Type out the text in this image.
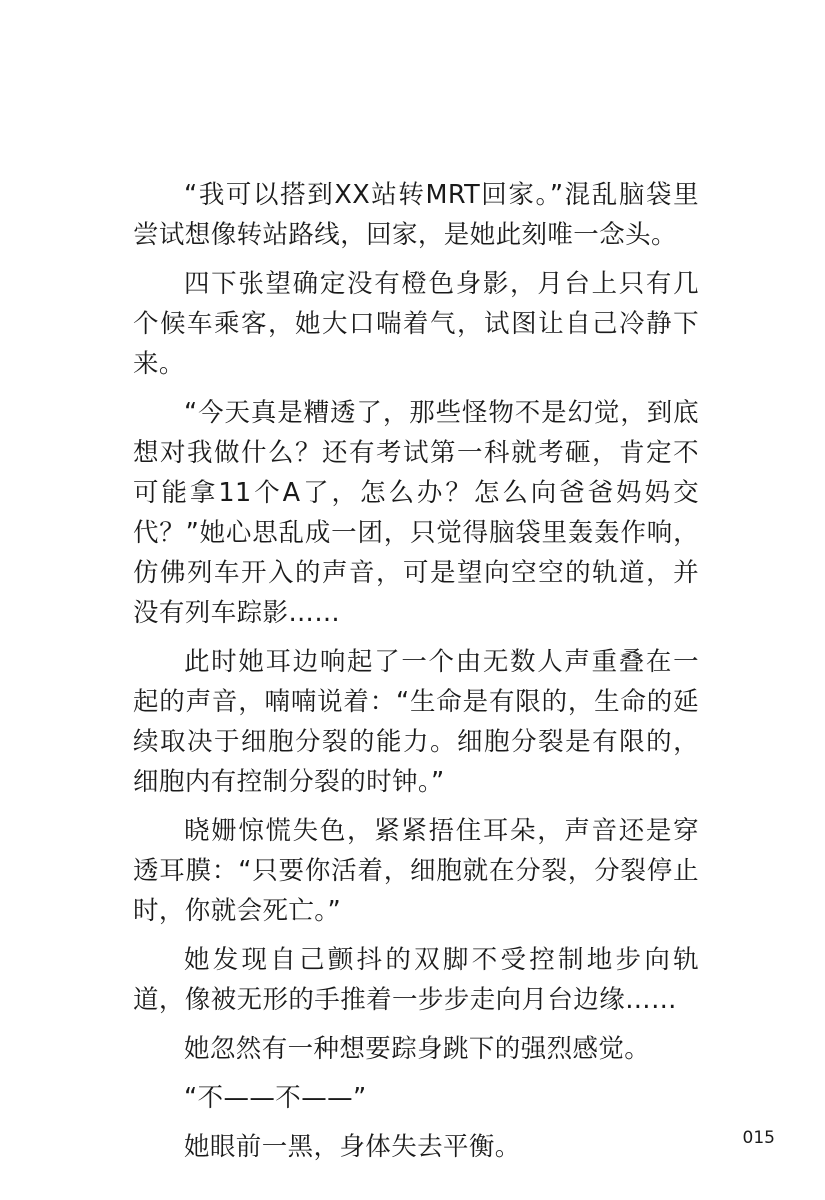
“我可以搭到XX站转MRT回家。”混乱脑袋里尝试想像转站路线，回家，是她此刻唯一念头。

四下张望确定没有橙色身影，月台上只有几个候车乘客，她大口喘着气，试图让自己冷静下来。

“今天真是糟透了，那些怪物不是幻觉，到底想对我做什么？还有考试第一科就考砸，肯定不可能拿11个A了，怎么办？怎么向爸爸妈妈交代？”她心思乱成一团，只觉得脑袋里轰轰作响，仿佛列车开入的声音，可是望向空空的轨道，并没有列车踪影……

此时她耳边响起了一个由无数人声重叠在一起的声音，喃喃说着：“生命是有限的，生命的延续取决于细胞分裂的能力。细胞分裂是有限的，细胞内有控制分裂的时钟。”

晓姗惊慌失色，紧紧捂住耳朵，声音还是穿透耳膜：“只要你活着，细胞就在分裂，分裂停止时，你就会死亡。”

她发现自己颤抖的双脚不受控制地步向轨道，像被无形的手推着一步步走向月台边缘……

她忽然有一种想要踪身跳下的强烈感觉。

“不——不——”

她眼前一黑，身体失去平衡。	015
